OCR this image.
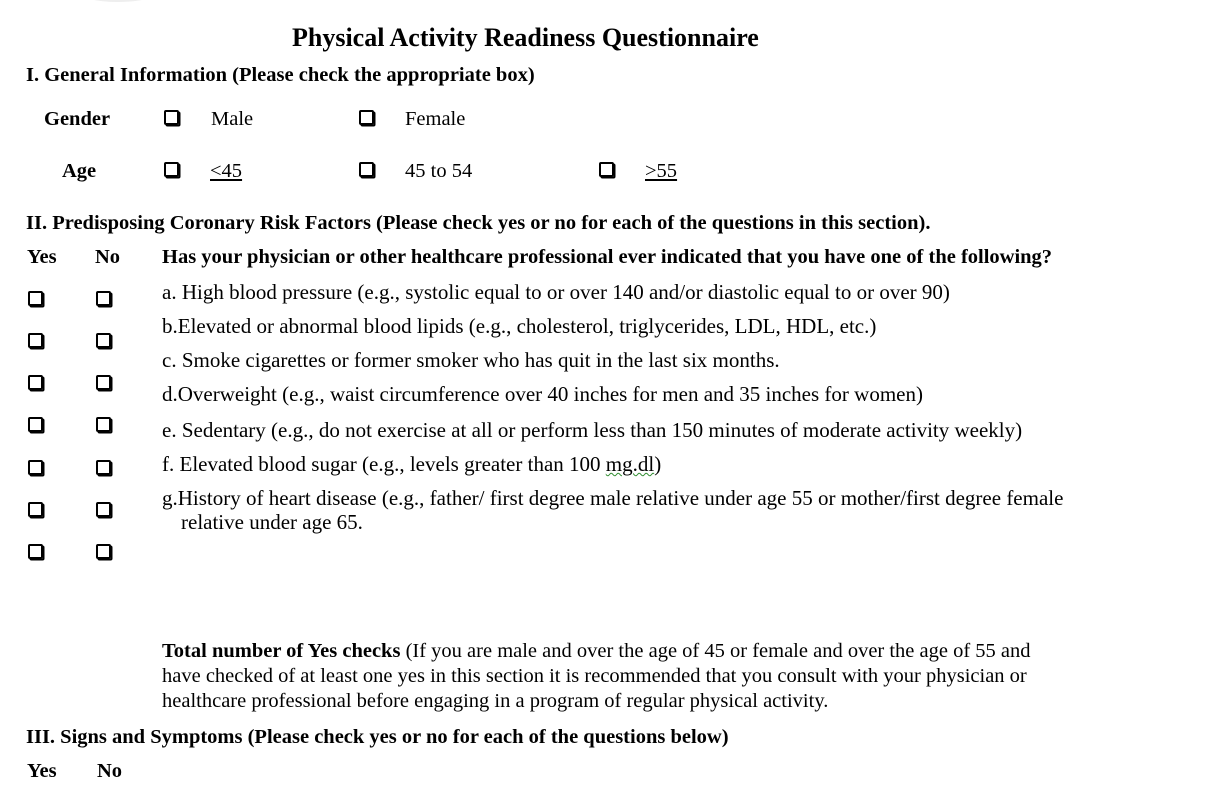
Physical Activity Readiness Questionnaire
I. General Information (Please check the appropriate box)
Gender	Male	Female
Age	<45	45 to 54	>55
II. Predisposing Coronary Risk Factors (Please check yes or no for each of the questions in this section).
Yes No Has your physician or other healthcare professional ever indicated that you have one of the following?
a. High blood pressure (e.g., systolic equal to or over 140 and/or diastolic equal to or over 90)
b.Elevated or abnormal blood lipids (e.g., cholesterol, triglycerides, LDL, HDL, etc.)
c. Smoke cigarettes or former smoker who has quit in the last six months.
d.Overweight (e.g., waist circumference over 40 inches for men and 35 inches for women)
e. Sedentary (e.g., do not exercise at all or perform less than 150 minutes of moderate activity weekly)
f. Elevated blood sugar (e.g., levels greater than 100 mg.dl)
g.History of heart disease (e.g., father/ first degree male relative under age 55 or mother/first degree female
relative under age 65.
Total number of Yes checks (If you are male and over the age of 45 or female and over the age of 55 and
have checked of at least one yes in this section it is recommended that you consult with your physician or
healthcare professional before engaging in a program of regular physical activity.
III. Signs and Symptoms (Please check yes or no for each of the questions below)
Yes No
